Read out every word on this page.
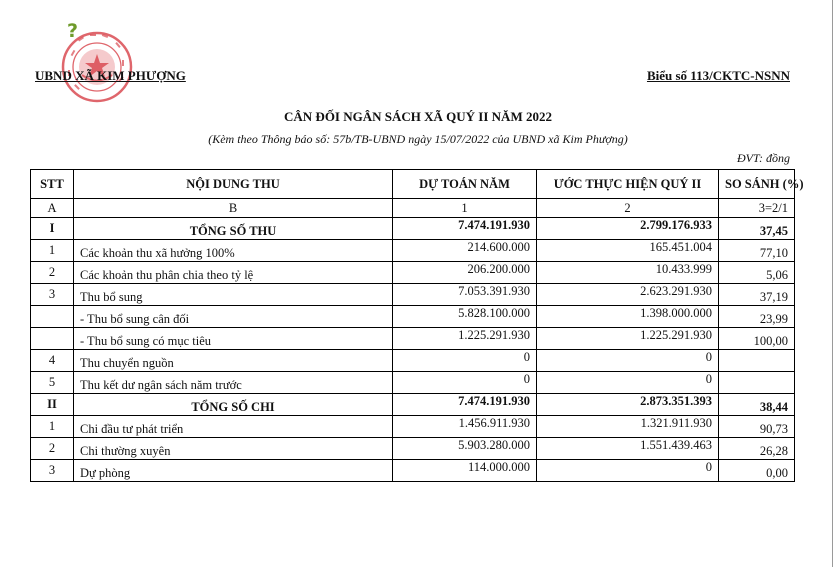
?
UBND XÃ KIM PHƯỢNG	Biểu số 113/CKTC-NSNN
CÂN ĐỐI NGÂN SÁCH XÃ QUÝ II NĂM 2022
(Kèm theo Thông báo số: 57b/TB-UBND ngày 15/07/2022 của UBND xã Kim Phượng)
ĐVT: đồng
STT	NỘI DUNG THU	DỰ TOÁN NĂM	ƯỚC THỰC HIỆN QUÝ II	SO SÁNH (%)
A	B	1	2	3=2/1
I	TỔNG SỐ THU	7.474.191.930	2.799.176.933	37,45
1	Các khoản thu xã hưởng 100%	214.600.000	165.451.004	77,10
2	Các khoản thu phân chia theo tỷ lệ	206.200.000	10.433.999	5,06
3	Thu bổ sung	7.053.391.930	2.623.291.930	37,19
	- Thu bổ sung cân đối	5.828.100.000	1.398.000.000	23,99
	- Thu bổ sung có mục tiêu	1.225.291.930	1.225.291.930	100,00
4	Thu chuyển nguồn	0	0	
5	Thu kết dư ngân sách năm trước	0	0	
II	TỔNG SỐ CHI	7.474.191.930	2.873.351.393	38,44
1	Chi đầu tư phát triển	1.456.911.930	1.321.911.930	90,73
2	Chi thường xuyên	5.903.280.000	1.551.439.463	26,28
3	Dự phòng	114.000.000	0	0,00
